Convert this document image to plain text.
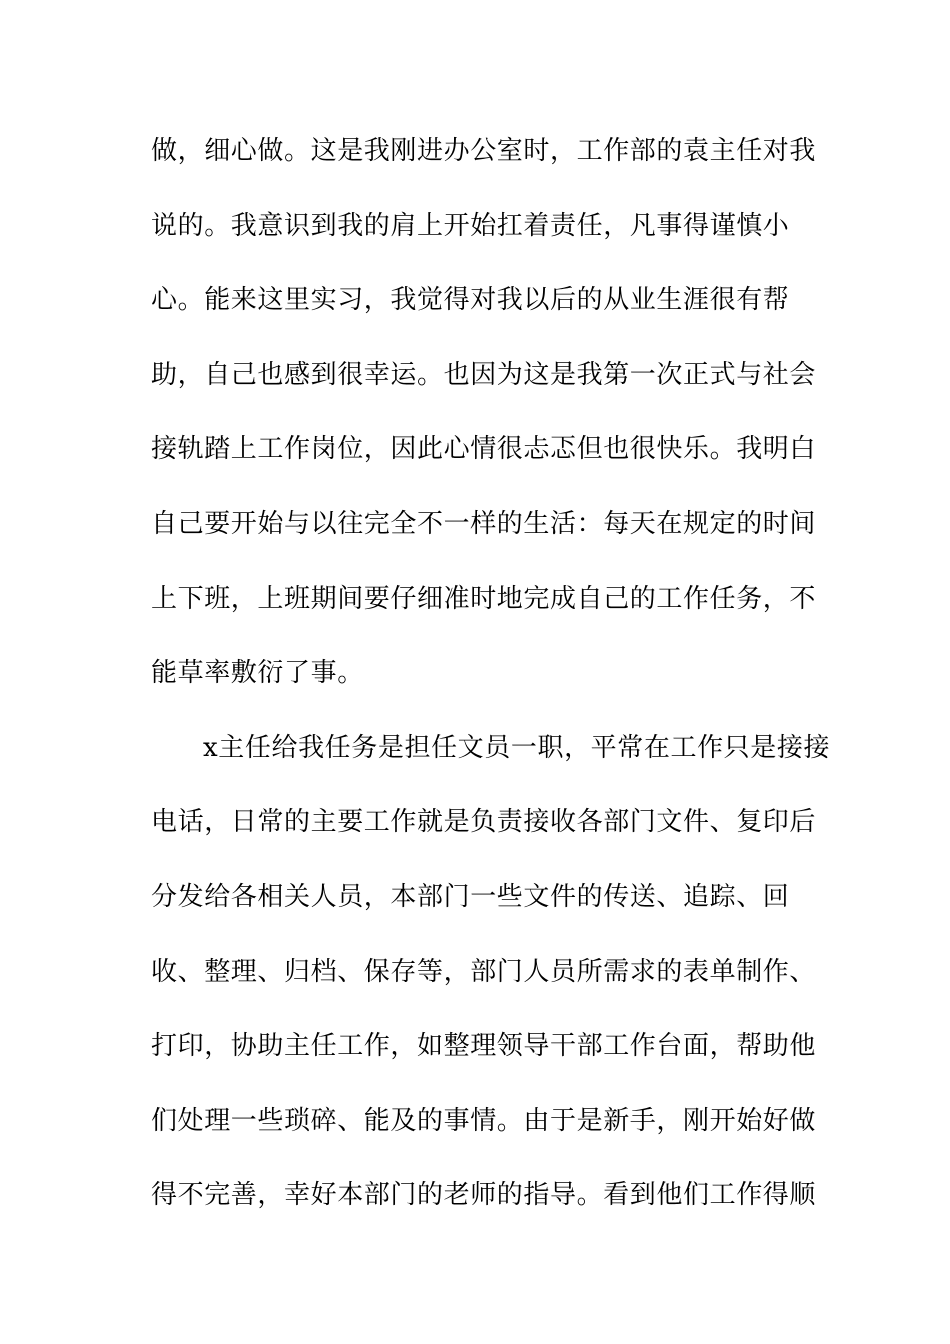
做，细心做。这是我刚进办公室时，工作部的袁主任对我
说的。我意识到我的肩上开始扛着责任，凡事得谨慎小
心。能来这里实习，我觉得对我以后的从业生涯很有帮
助，自己也感到很幸运。也因为这是我第一次正式与社会
接轨踏上工作岗位，因此心情很忐忑但也很快乐。我明白
自己要开始与以往完全不一样的生活：每天在规定的时间
上下班，上班期间要仔细准时地完成自己的工作任务，不
能草率敷衍了事。
x主任给我任务是担任文员一职，平常在工作只是接接
电话，日常的主要工作就是负责接收各部门文件、复印后
分发给各相关人员，本部门一些文件的传送、追踪、回
收、整理、归档、保存等，部门人员所需求的表单制作、
打印，协助主任工作，如整理领导干部工作台面，帮助他
们处理一些琐碎、能及的事情。由于是新手，刚开始好做
得不完善，幸好本部门的老师的指导。看到他们工作得顺
